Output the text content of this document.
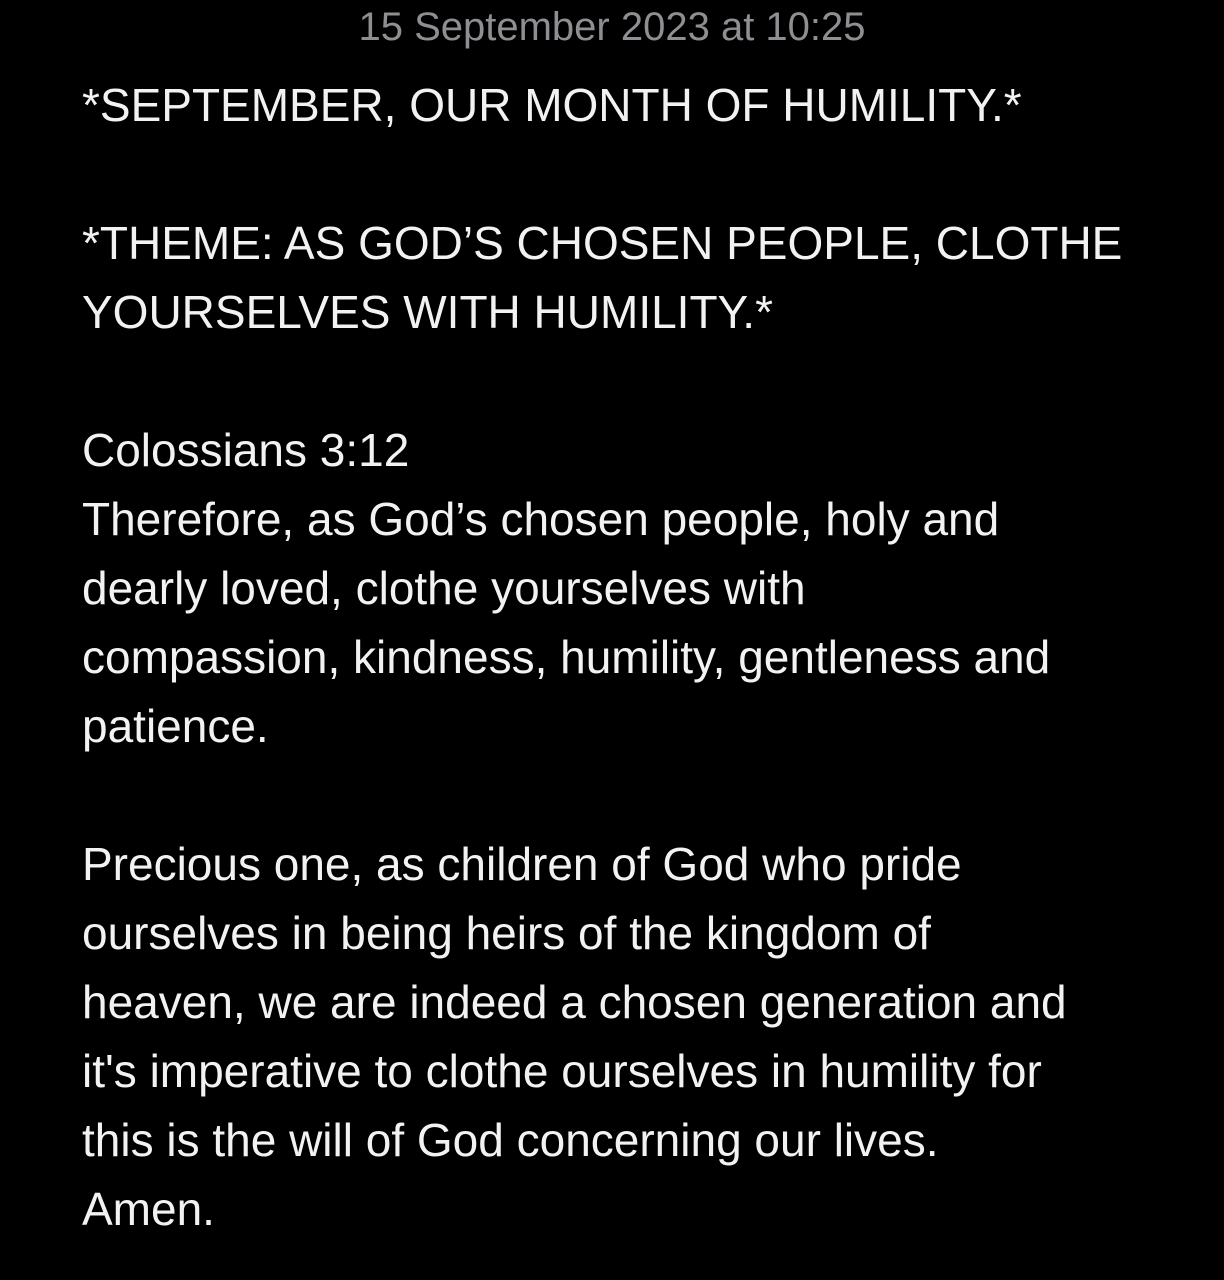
15 September 2023 at 10:25
*SEPTEMBER, OUR MONTH OF HUMILITY.*
*THEME: AS GOD’S CHOSEN PEOPLE, CLOTHE
YOURSELVES WITH HUMILITY.*
Colossians 3:12
Therefore, as God’s chosen people, holy and
dearly loved, clothe yourselves with
compassion, kindness, humility, gentleness and
patience.
Precious one, as children of God who pride
ourselves in being heirs of the kingdom of
heaven, we are indeed a chosen generation and
it's imperative to clothe ourselves in humility for
this is the will of God concerning our lives.
Amen.
